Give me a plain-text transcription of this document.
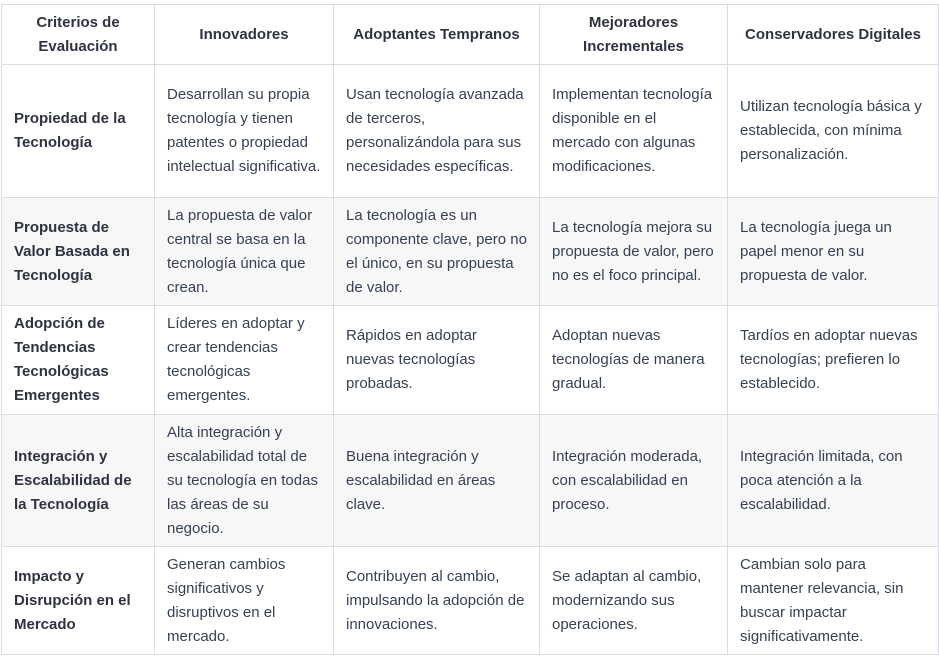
Criterios de Evaluación	Innovadores	Adoptantes Tempranos	Mejoradores Incrementales	Conservadores Digitales
Propiedad de la Tecnología	Desarrollan su propia tecnología y tienen patentes o propiedad intelectual significativa.	Usan tecnología avanzada de terceros, personalizándola para sus necesidades específicas.	Implementan tecnología disponible en el mercado con algunas modificaciones.	Utilizan tecnología básica y establecida, con mínima personalización.
Propuesta de Valor Basada en Tecnología	La propuesta de valor central se basa en la tecnología única que crean.	La tecnología es un componente clave, pero no el único, en su propuesta de valor.	La tecnología mejora su propuesta de valor, pero no es el foco principal.	La tecnología juega un papel menor en su propuesta de valor.
Adopción de Tendencias Tecnológicas Emergentes	Líderes en adoptar y crear tendencias tecnológicas emergentes.	Rápidos en adoptar nuevas tecnologías probadas.	Adoptan nuevas tecnologías de manera gradual.	Tardíos en adoptar nuevas tecnologías; prefieren lo establecido.
Integración y Escalabilidad de la Tecnología	Alta integración y escalabilidad total de su tecnología en todas las áreas de su negocio.	Buena integración y escalabilidad en áreas clave.	Integración moderada, con escalabilidad en proceso.	Integración limitada, con poca atención a la escalabilidad.
Impacto y Disrupción en el Mercado	Generan cambios significativos y disruptivos en el mercado.	Contribuyen al cambio, impulsando la adopción de innovaciones.	Se adaptan al cambio, modernizando sus operaciones.	Cambian solo para mantener relevancia, sin buscar impactar significativamente.
